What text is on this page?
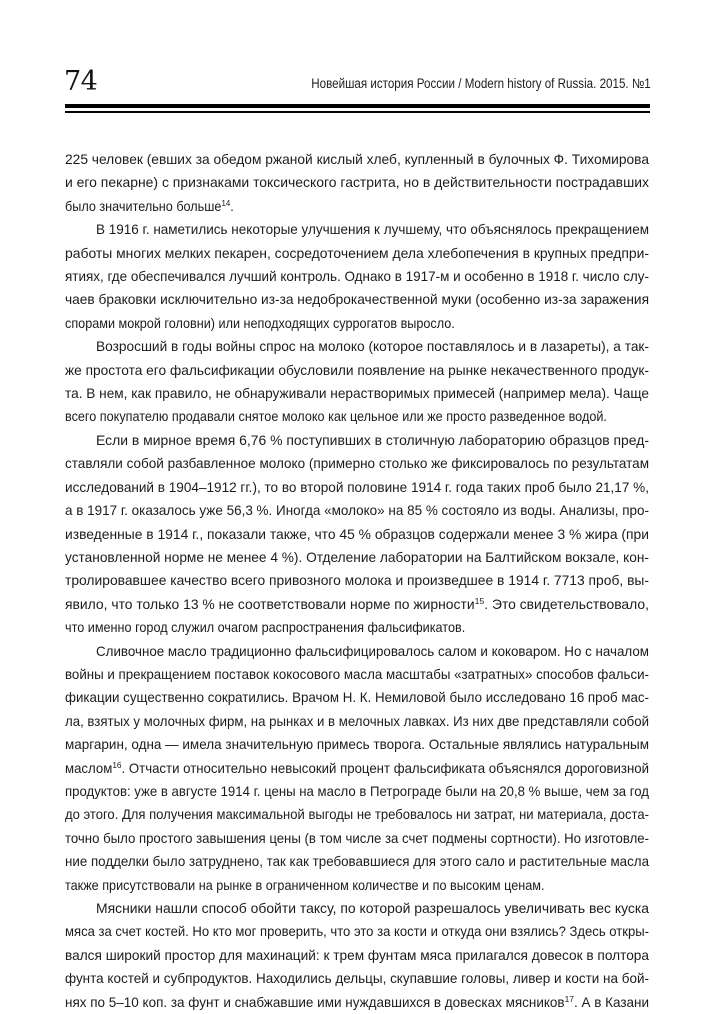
74	Новейшая история России / Modern history of Russia. 2015. №1

225 человек (евших за обедом ржаной кислый хлеб, купленный в булочных Ф. Тихомирова
и его пекарне) с признаками токсического гастрита, но в действительности пострадавших
было значительно больше$^{14}$.

В 1916 г. наметились некоторые улучшения к лучшему, что объяснялось прекращением
работы многих мелких пекарен, сосредоточением дела хлебопечения в крупных предпри-
ятиях, где обеспечивался лучший контроль. Однако в 1917-м и особенно в 1918 г. число слу-
чаев браковки исключительно из-за недоброкачественной муки (особенно из-за заражения
спорами мокрой головни) или неподходящих суррогатов выросло.

Возросший в годы войны спрос на молоко (которое поставлялось и в лазареты), а так-
же простота его фальсификации обусловили появление на рынке некачественного продук-
та. В нем, как правило, не обнаруживали нерастворимых примесей (например мела). Чаще
всего покупателю продавали снятое молоко как цельное или же просто разведенное водой.

Если в мирное время 6,76 % поступивших в столичную лабораторию образцов пред-
ставляли собой разбавленное молоко (примерно столько же фиксировалось по результатам
исследований в 1904–1912 гг.), то во второй половине 1914 г. года таких проб было 21,17 %,
а в 1917 г. оказалось уже 56,3 %. Иногда «молоко» на 85 % состояло из воды. Анализы, про-
изведенные в 1914 г., показали также, что 45 % образцов содержали менее 3 % жира (при
установленной норме не менее 4 %). Отделение лаборатории на Балтийском вокзале, кон-
тролировавшее качество всего привозного молока и произведшее в 1914 г. 7713 проб, вы-
явило, что только 13 % не соответствовали норме по жирности$^{15}$. Это свидетельствовало,
что именно город служил очагом распространения фальсификатов.

Сливочное масло традиционно фальсифицировалось салом и коковаром. Но с началом
войны и прекращением поставок кокосового масла масштабы «затратных» способов фальси-
фикации существенно сократились. Врачом Н. К. Немиловой было исследовано 16 проб мас-
ла, взятых у молочных фирм, на рынках и в мелочных лавках. Из них две представляли собой
маргарин, одна — имела значительную примесь творога. Остальные являлись натуральным
маслом$^{16}$. Отчасти относительно невысокий процент фальсификата объяснялся дороговизной
продуктов: уже в августе 1914 г. цены на масло в Петрограде были на 20,8 % выше, чем за год
до этого. Для получения максимальной выгоды не требовалось ни затрат, ни материала, доста-
точно было простого завышения цены (в том числе за счет подмены сортности). Но изготовле-
ние подделки было затруднено, так как требовавшиеся для этого сало и растительные масла
также присутствовали на рынке в ограниченном количестве и по высоким ценам.

Мясники нашли способ обойти таксу, по которой разрешалось увеличивать вес куска
мяса за счет костей. Но кто мог проверить, что это за кости и откуда они взялись? Здесь откры-
вался широкий простор для махинаций: к трем фунтам мяса прилагался довесок в полтора
фунта костей и субпродуктов. Находились дельцы, скупавшие головы, ливер и кости на бой-
нях по 5–10 коп. за фунт и снабжавшие ими нуждавшихся в довесках мясников$^{17}$. А в Казани
